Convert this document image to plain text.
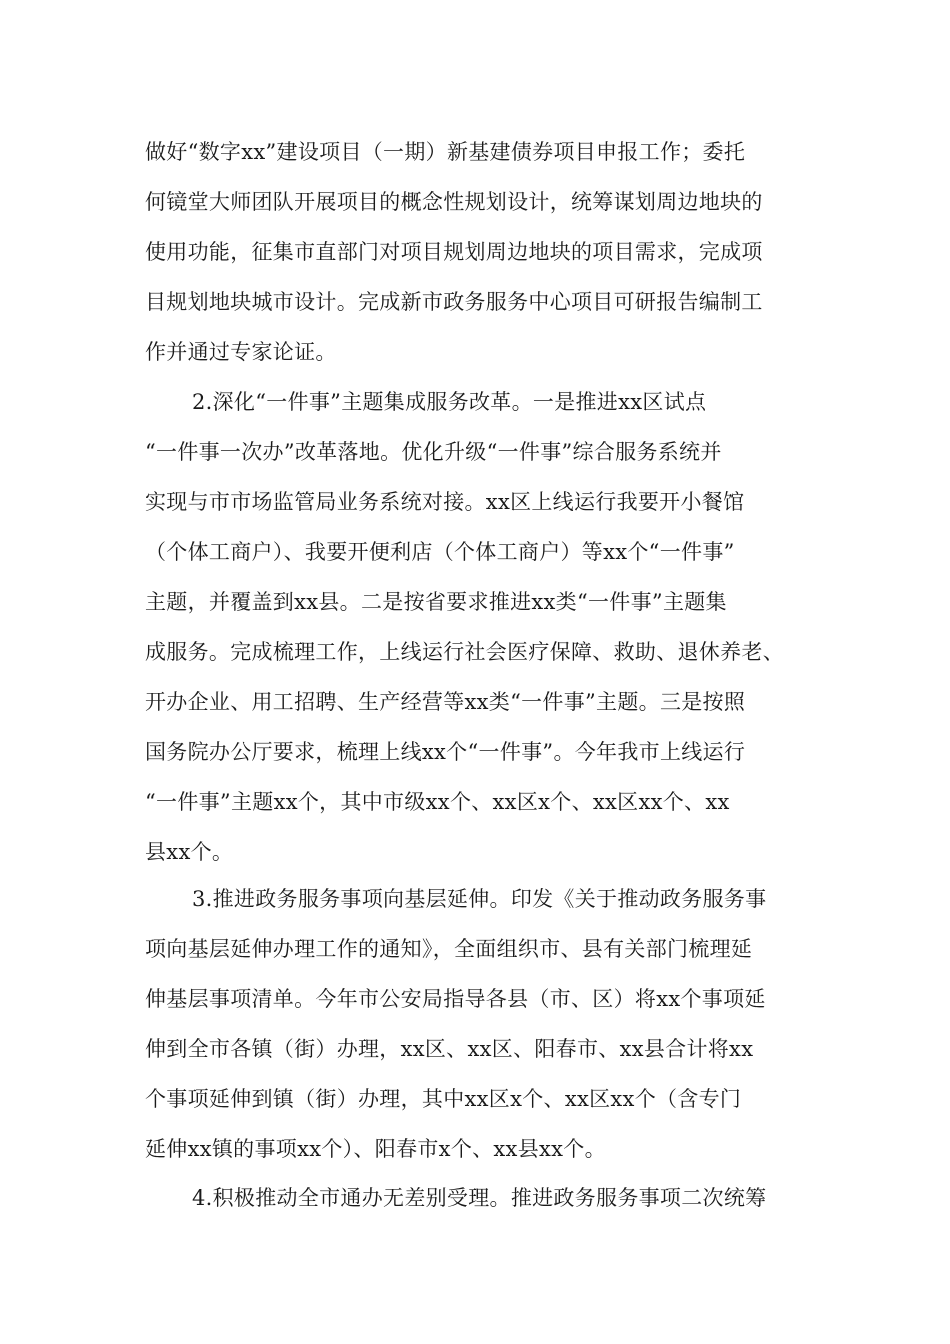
做好“数字xx”建设项目（一期）新基建债券项目申报工作；委托
何镜堂大师团队开展项目的概念性规划设计，统筹谋划周边地块的
使用功能，征集市直部门对项目规划周边地块的项目需求，完成项
目规划地块城市设计。完成新市政务服务中心项目可研报告编制工
作并通过专家论证。
2.深化“一件事”主题集成服务改革。一是推进xx区试点
“一件事一次办”改革落地。优化升级“一件事”综合服务系统并
实现与市市场监管局业务系统对接。xx区上线运行我要开小餐馆
（个体工商户）、我要开便利店（个体工商户）等xx个“一件事”
主题，并覆盖到xx县。二是按省要求推进xx类“一件事”主题集
成服务。完成梳理工作，上线运行社会医疗保障、救助、退休养老、
开办企业、用工招聘、生产经营等xx类“一件事”主题。三是按照
国务院办公厅要求，梳理上线xx个“一件事”。今年我市上线运行
“一件事”主题xx个，其中市级xx个、xx区x个、xx区xx个、xx
县xx个。
3.推进政务服务事项向基层延伸。印发《关于推动政务服务事
项向基层延伸办理工作的通知》，全面组织市、县有关部门梳理延
伸基层事项清单。今年市公安局指导各县（市、区）将xx个事项延
伸到全市各镇（街）办理，xx区、xx区、阳春市、xx县合计将xx
个事项延伸到镇（街）办理，其中xx区x个、xx区xx个（含专门
延伸xx镇的事项xx个）、阳春市x个、xx县xx个。
4.积极推动全市通办无差别受理。推进政务服务事项二次统筹
